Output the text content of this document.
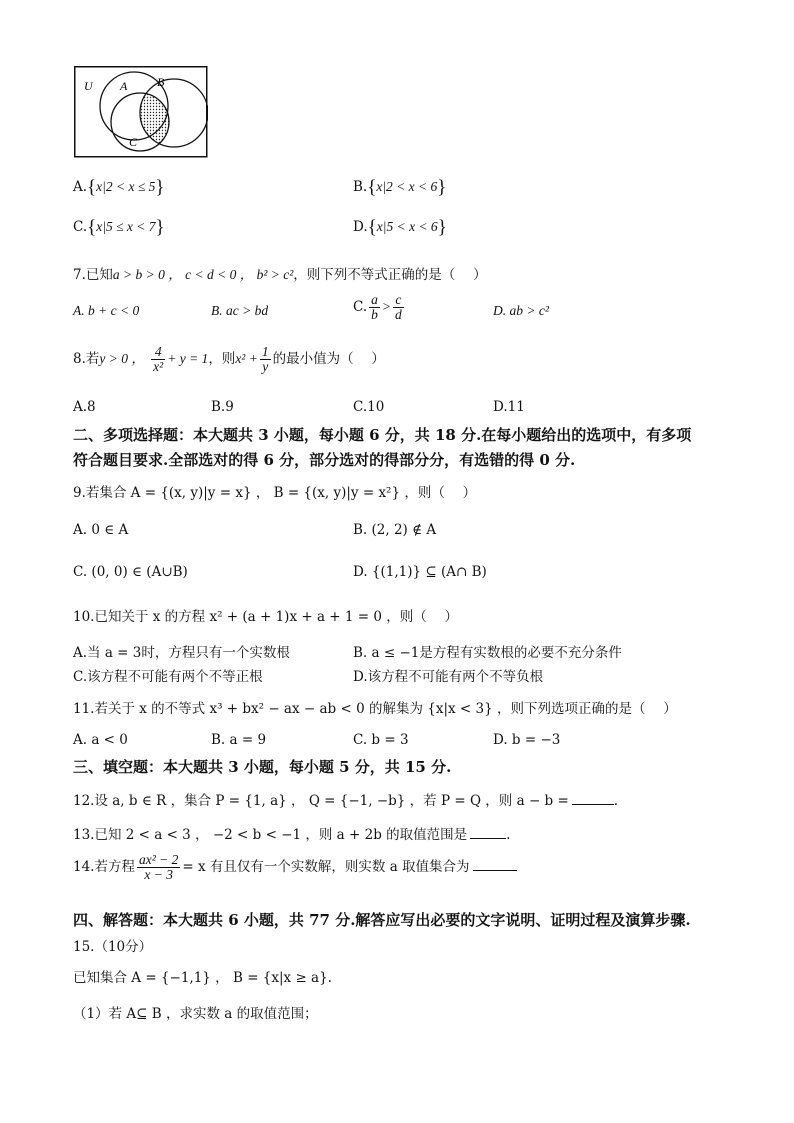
U A B
C
A.{x|2 < x ≤ 5}	B.{x|2 < x < 6}
C.{x|5 ≤ x < 7}	D.{x|5 < x < 6}
7.已知a > b > 0 ， c < d < 0 ， b² > c²，则下列不等式正确的是（　 ）
A. b + c < 0	B. ac > bd	C. $\frac{a}{b} > \frac{c}{d}$	D. ab > c²
8.若y > 0 ， $\frac{4}{\text{x²}} + y = 1$，则$x^2 + \frac{1}{y}$ 的最小值为（　 ）
A.8	B.9	C.10	D.11
二、多项选择题：本大题共 3 小题，每小题 6 分，共 18 分.在每小题给出的选项中，有多项
符合题目要求.全部选对的得 6 分，部分选对的得部分分，有选错的得 0 分.
9.若集合 A = {(x, y)|y = x} ， B = {(x, y)|y = x²} ，则（　 ）
A. 0 ∈ A	B. (2, 2) ∉ A
C. (0, 0) ∈ (A∪B)	D. {(1,1)} ⊆ (A∩ B)
10.已知关于 x 的方程 x² + (a + 1)x + a + 1 = 0 ，则（　 ）
A.当 a = 3时，方程只有一个实数根	B. a ≤ −1是方程有实数根的必要不充分条件
C.该方程不可能有两个不等正根	D.该方程不可能有两个不等负根
11.若关于 x 的不等式 x³ + bx² − ax − ab < 0 的解集为 {x|x < 3} ，则下列选项正确的是（　 ）
A. a < 0	B. a = 9	C. b = 3	D. b = −3
三、填空题：本大题共 3 小题，每小题 5 分，共 15 分.
12.设 a, b ∈ R ，集合 P = {1, a} ， Q = {−1, −b} ，若 P = Q ，则 a − b =	.
13.已知 2 < a < 3 ， −2 < b < −1 ，则 a + 2b 的取值范围是	.
14.若方程 $\frac{\text{ax² − 2}}{x - 3} = x$ 有且仅有一个实数解，则实数 a 取值集合为
四、解答题：本大题共 6 小题，共 77 分.解答应写出必要的文字说明、证明过程及演算步骤.
15.（10分）
已知集合 A = {−1,1} ， B = {x|x ≥ a}.
（1）若 A⊆ B ，求实数 a 的取值范围；
